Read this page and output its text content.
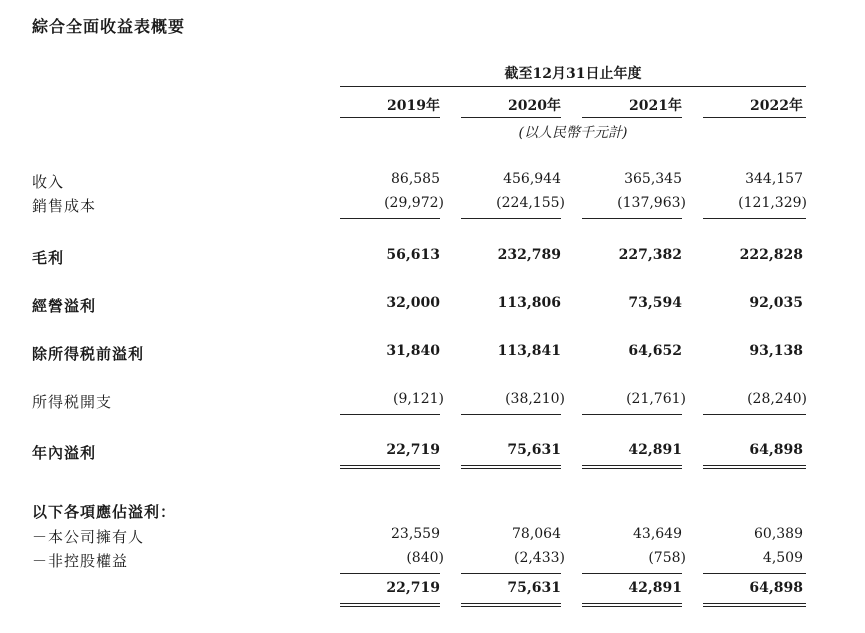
綜合全面收益表概要
截至12月31日止年度
2019年	2020年	2021年	2022年
(以人民幣千元計)
收入	86,585	456,944	365,345	344,157
銷售成本	(29,972)	(224,155)	(137,963)	(121,329)
毛利	56,613	232,789	227,382	222,828
經營溢利	32,000	113,806	73,594	92,035
除所得税前溢利	31,840	113,841	64,652	93,138
所得税開支	(9,121)	(38,210)	(21,761)	(28,240)
年內溢利	22,719	75,631	42,891	64,898
以下各項應佔溢利：
－本公司擁有人	23,559	78,064	43,649	60,389
－非控股權益	(840)	(2,433)	(758)	4,509
22,719	75,631	42,891	64,898
